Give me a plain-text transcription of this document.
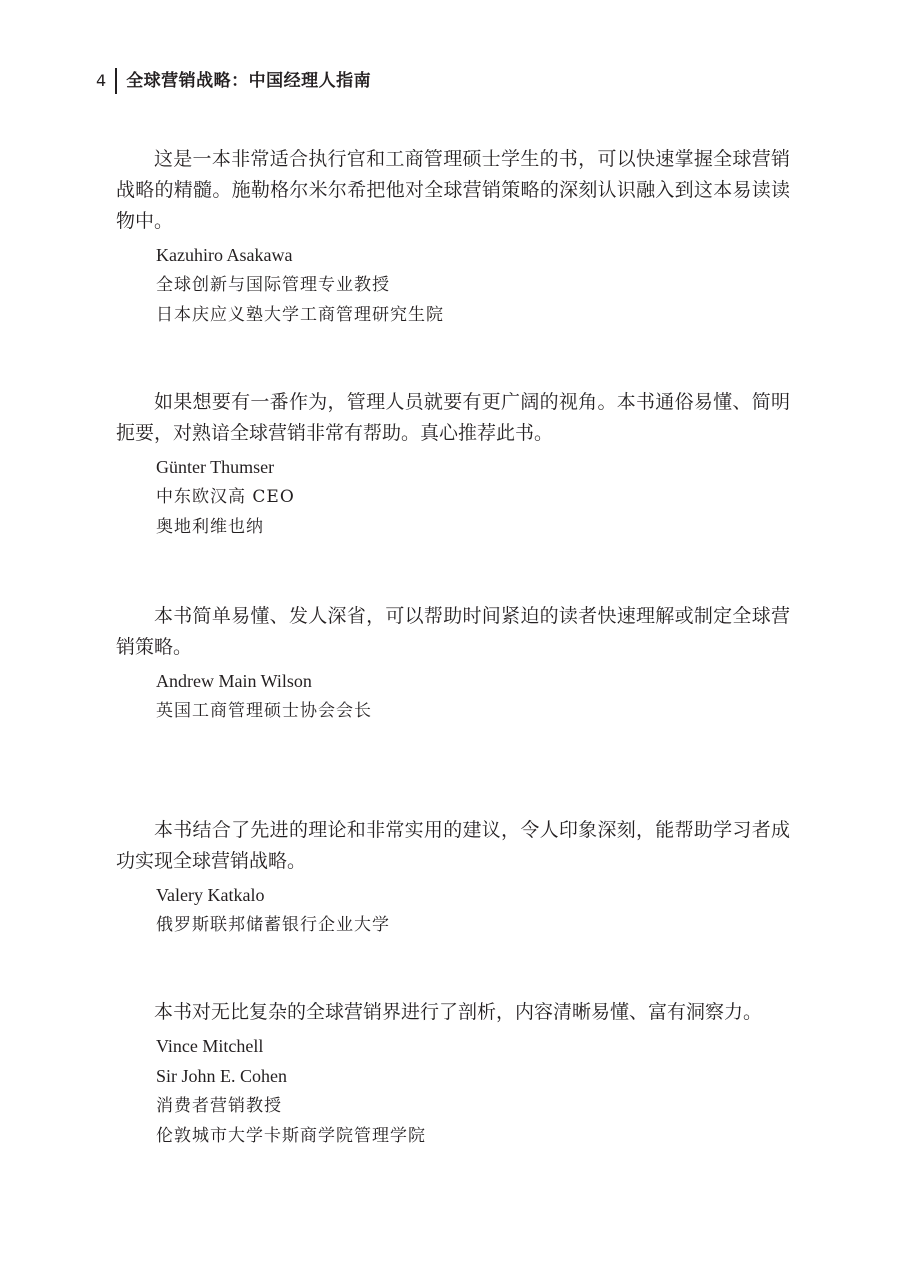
4 全球营销战略：中国经理人指南

这是一本非常适合执行官和工商管理硕士学生的书，可以快速掌握全球营销战略的精髓。施勒格尔米尔希把他对全球营销策略的深刻认识融入到这本易读读物中。

Kazuhiro Asakawa
全球创新与国际管理专业教授
日本庆应义塾大学工商管理研究生院

如果想要有一番作为，管理人员就要有更广阔的视角。本书通俗易懂、简明扼要，对熟谙全球营销非常有帮助。真心推荐此书。

Günter Thumser
中东欧汉高 CEO
奥地利维也纳

本书简单易懂、发人深省，可以帮助时间紧迫的读者快速理解或制定全球营销策略。

Andrew Main Wilson
英国工商管理硕士协会会长

本书结合了先进的理论和非常实用的建议，令人印象深刻，能帮助学习者成功实现全球营销战略。

Valery Katkalo
俄罗斯联邦储蓄银行企业大学

本书对无比复杂的全球营销界进行了剖析，内容清晰易懂、富有洞察力。

Vince Mitchell
Sir John E. Cohen
消费者营销教授
伦敦城市大学卡斯商学院管理学院
